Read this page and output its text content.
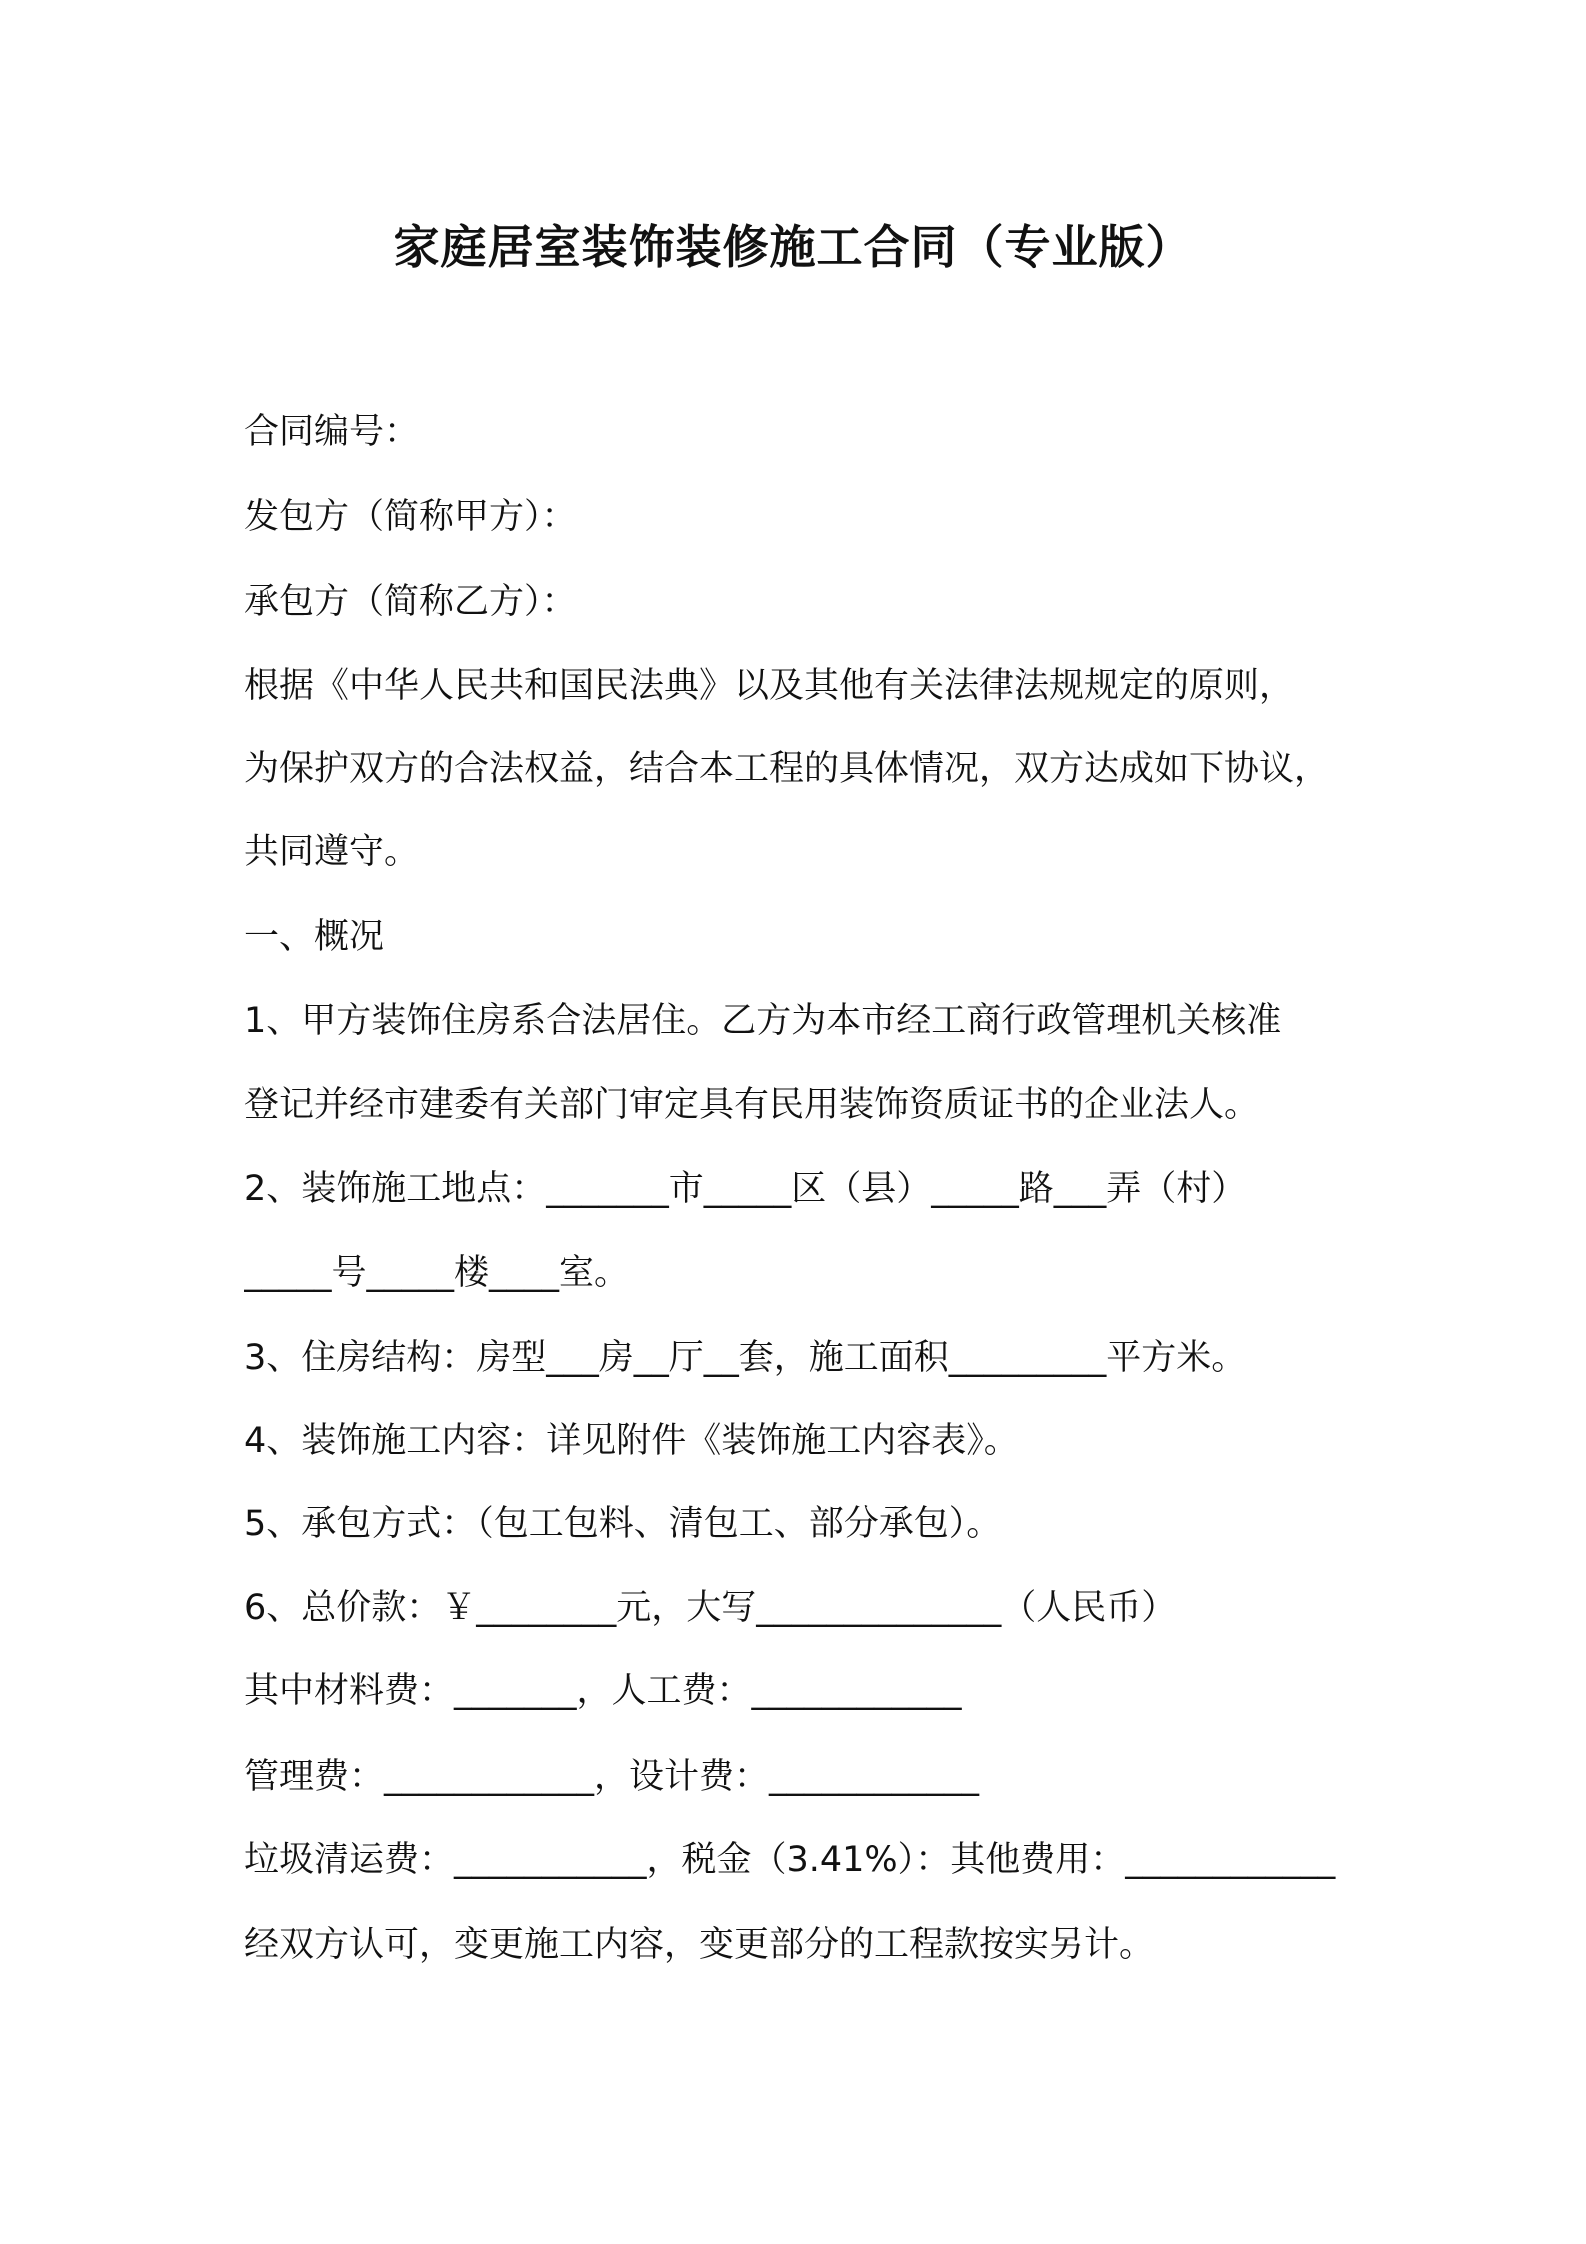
家庭居室装饰装修施工合同（专业版）
合同编号：
发包方（简称甲方）：
承包方（简称乙方）：
根据《中华人民共和国民法典》以及其他有关法律法规规定的原则，
为保护双方的合法权益，结合本工程的具体情况，双方达成如下协议，
共同遵守。
一、概况
1、甲方装饰住房系合法居住。乙方为本市经工商行政管理机关核准
登记并经市建委有关部门审定具有民用装饰资质证书的企业法人。
2、装饰施工地点：_______市_____区（县）_____路___弄（村）
_____号_____楼____室。
3、住房结构：房型___房__厅__套，施工面积_________平方米。
4、装饰施工内容：详见附件《装饰施工内容表》。
5、承包方式：（包工包料、清包工、部分承包）。
6、总价款：￥________元，大写______________（人民币）
其中材料费：_______，人工费：____________
管理费：____________，设计费：____________
垃圾清运费：___________，税金（3.41%）：其他费用：____________
经双方认可，变更施工内容，变更部分的工程款按实另计。
